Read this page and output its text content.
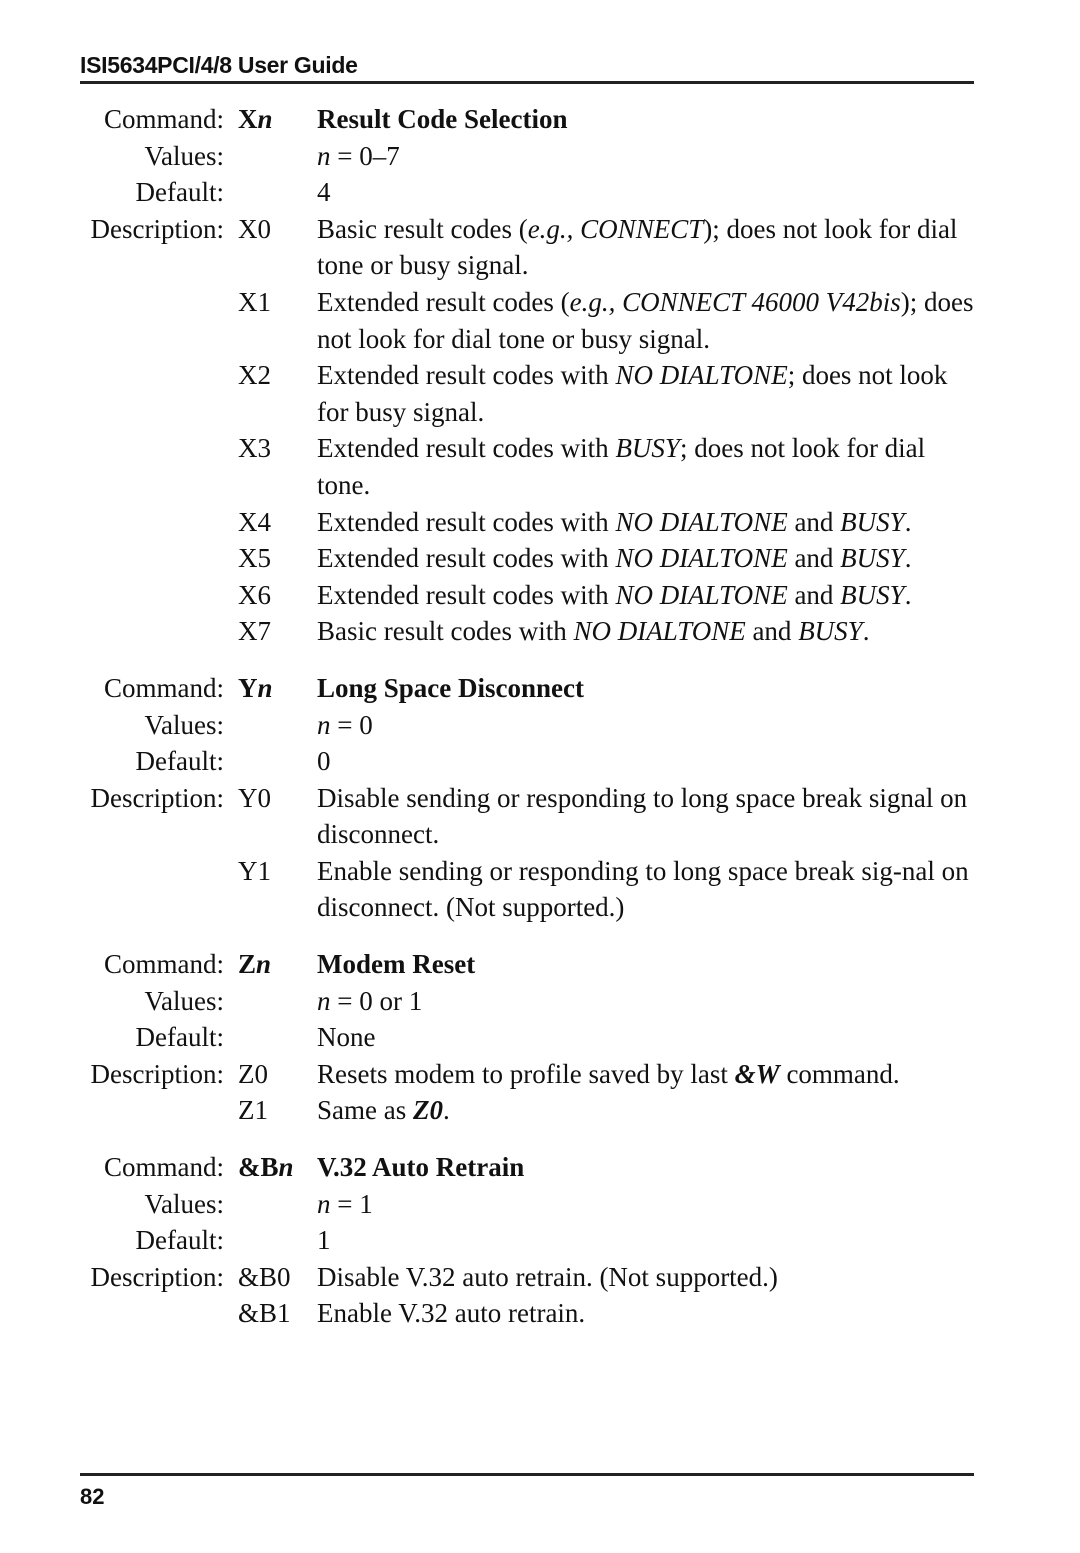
ISI5634PCI/4/8 User Guide
Command: Xn	Result Code Selection
Values:	n = 0–7
Default:	4
Description: X0	Basic result codes (e.g., CONNECT); does not look for dial tone or busy signal.
X1	Extended result codes (e.g., CONNECT 46000 V42bis); does not look for dial tone or busy signal.
X2	Extended result codes with NO DIALTONE; does not look for busy signal.
X3	Extended result codes with BUSY; does not look for dial tone.
X4	Extended result codes with NO DIALTONE and BUSY.
X5	Extended result codes with NO DIALTONE and BUSY.
X6	Extended result codes with NO DIALTONE and BUSY.
X7	Basic result codes with NO DIALTONE and BUSY.
Command: Yn	Long Space Disconnect
Values:	n = 0
Default:	0
Description: Y0	Disable sending or responding to long space break signal on disconnect.
Y1	Enable sending or responding to long space break sig-nal on disconnect. (Not supported.)
Command: Zn	Modem Reset
Values:	n = 0 or 1
Default:	None
Description: Z0	Resets modem to profile saved by last &W command.
Z1	Same as Z0.
Command: &Bn V.32 Auto Retrain
Values:	n = 1
Default:	1
Description: &B0 Disable V.32 auto retrain. (Not supported.)
&B1 Enable V.32 auto retrain.
82
